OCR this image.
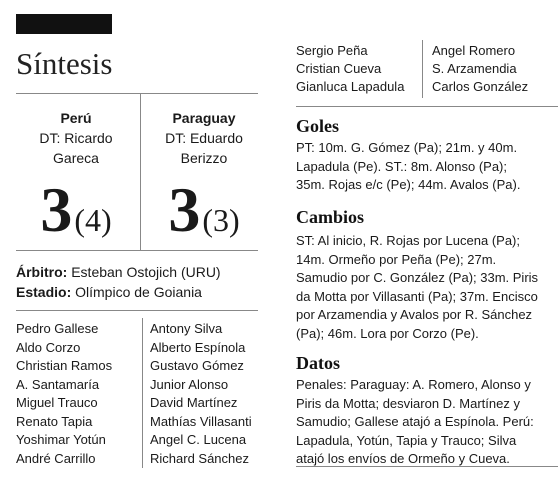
Síntesis
Perú
DT: Ricardo
Gareca
Paraguay
DT: Eduardo
Berizzo
3(4) 3(3)
Árbitro: Esteban Ostojich (URU)
Estadio: Olímpico de Goiania
Pedro Gallese
Aldo Corzo
Christian Ramos
A. Santamaría
Miguel Trauco
Renato Tapia
Yoshimar Yotún
André Carrillo
Antony Silva
Alberto Espínola
Gustavo Gómez
Junior Alonso
David Martínez
Mathías Villasanti
Angel C. Lucena
Richard Sánchez
Sergio Peña
Cristian Cueva
Gianluca Lapadula
Angel Romero
S. Arzamendia
Carlos González
Goles
PT: 10m. G. Gómez (Pa); 21m. y 40m.
Lapadula (Pe). ST.: 8m. Alonso (Pa);
35m. Rojas e/c (Pe); 44m. Avalos (Pa).
Cambios
ST: Al inicio, R. Rojas por Lucena (Pa);
14m. Ormeño por Peña (Pe); 27m.
Samudio por C. González (Pa); 33m. Piris
da Motta por Villasanti (Pa); 37m. Encisco
por Arzamendia y Avalos por R. Sánchez
(Pa); 46m. Lora por Corzo (Pe).
Datos
Penales: Paraguay: A. Romero, Alonso y
Piris da Motta; desviaron D. Martínez y
Samudio; Gallese atajó a Espínola. Perú:
Lapadula, Yotún, Tapia y Trauco; Silva
atajó los envíos de Ormeño y Cueva.
